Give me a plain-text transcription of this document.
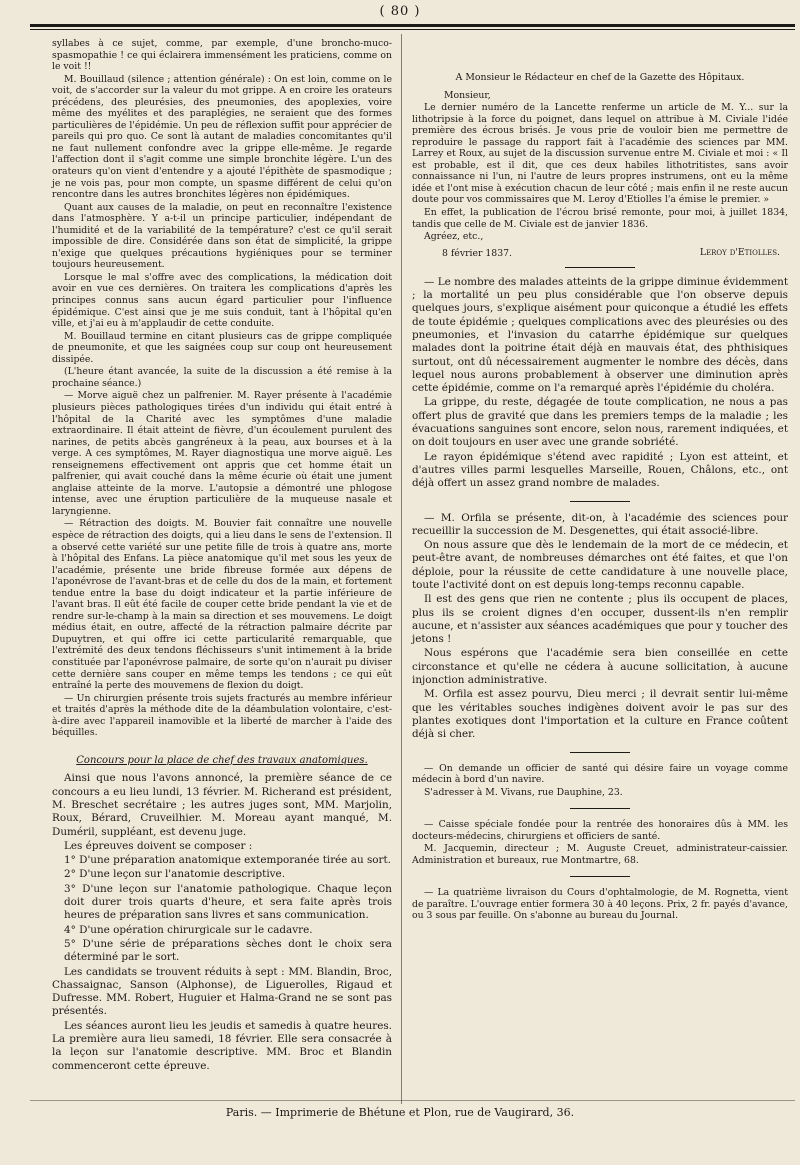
( 80 )

syllabes à ce sujet, comme, par exemple, d'une broncho-muco-spasmopathie ! ce qui éclairera immensément les praticiens, comme on le voit !!

M. Bouillaud (silence ; attention générale) : On est loin, comme on le voit, de s'accorder sur la valeur du mot grippe. A en croire les orateurs précédens, des pleurésies, des pneumonies, des apoplexies, voire même des myélites et des paraplégies, ne seraient que des formes particulières de l'épidémie. Un peu de réflexion suffit pour apprécier de pareils qui pro quo. Ce sont là autant de maladies concomitantes qu'il ne faut nullement confondre avec la grippe elle-même. Je regarde l'affection dont il s'agit comme une simple bronchite légère. L'un des orateurs qu'on vient d'entendre y a ajouté l'épithète de spasmodique ; je ne vois pas, pour mon compte, un spasme différent de celui qu'on rencontre dans les autres bronchites légères non épidémiques.

Quant aux causes de la maladie, on peut en reconnaître l'existence dans l'atmosphère. Y a-t-il un principe particulier, indépendant de l'humidité et de la variabilité de la température? c'est ce qu'il serait impossible de dire. Considérée dans son état de simplicité, la grippe n'exige que quelques précautions hygiéniques pour se terminer toujours heureusement.

Lorsque le mal s'offre avec des complications, la médication doit avoir en vue ces dernières. On traitera les complications d'après les principes connus sans aucun égard particulier pour l'influence épidémique. C'est ainsi que je me suis conduit, tant à l'hôpital qu'en ville, et j'ai eu à m'applaudir de cette conduite.

M. Bouillaud termine en citant plusieurs cas de grippe compliquée de pneumonite, et que les saignées coup sur coup ont heureusement dissipée.

(L'heure étant avancée, la suite de la discussion a été remise à la prochaine séance.)

— Morve aiguë chez un palfrenier. M. Rayer présente à l'académie plusieurs pièces pathologiques tirées d'un individu qui était entré à l'hôpital de la Charité avec les symptômes d'une maladie extraordinaire. Il était atteint de fièvre, d'un écoulement purulent des narines, de petits abcès gangréneux à la peau, aux bourses et à la verge. A ces symptômes, M. Rayer diagnostiqua une morve aiguë. Les renseignemens effectivement ont appris que cet homme était un palfrenier, qui avait couché dans la même écurie où était une jument anglaise atteinte de la morve. L'autopsie a démontré une phlogose intense, avec une éruption particulière de la muqueuse nasale et laryngienne.

— Rétraction des doigts. M. Bouvier fait connaître une nouvelle espèce de rétraction des doigts, qui a lieu dans le sens de l'extension. Il a observé cette variété sur une petite fille de trois à quatre ans, morte à l'hôpital des Enfans. La pièce anatomique qu'il met sous les yeux de l'académie, présente une bride fibreuse formée aux dépens de l'aponévrose de l'avant-bras et de celle du dos de la main, et fortement tendue entre la base du doigt indicateur et la partie inférieure de l'avant bras. Il eût été facile de couper cette bride pendant la vie et de rendre sur-le-champ à la main sa direction et ses mouvemens. Le doigt médius était, en outre, affecté de la rétraction palmaire décrite par Dupuytren, et qui offre ici cette particularité remarquable, que l'extrémité des deux tendons fléchisseurs s'unit intimement à la bride constituée par l'aponévrose palmaire, de sorte qu'on n'aurait pu diviser cette dernière sans couper en même temps les tendons ; ce qui eût entraîné la perte des mouvemens de flexion du doigt.

— Un chirurgien présente trois sujets fracturés au membre inférieur et traités d'après la méthode dite de la déambulation volontaire, c'est-à-dire avec l'appareil inamovible et la liberté de marcher à l'aide des béquilles.

Concours pour la place de chef des travaux anatomiques.

Ainsi que nous l'avons annoncé, la première séance de ce concours a eu lieu lundi, 13 février. M. Richerand est président, M. Breschet secrétaire ; les autres juges sont, MM. Marjolin, Roux, Bérard, Cruveilhier. M. Moreau ayant manqué, M. Duméril, suppléant, est devenu juge.

Les épreuves doivent se composer :

1° D'une préparation anatomique extemporanée tirée au sort.

2° D'une leçon sur l'anatomie descriptive.

3° D'une leçon sur l'anatomie pathologique. Chaque leçon doit durer trois quarts d'heure, et sera faite après trois heures de préparation sans livres et sans communication.

4° D'une opération chirurgicale sur le cadavre.

5° D'une série de préparations sèches dont le choix sera déterminé par le sort.

Les candidats se trouvent réduits à sept : MM. Blandin, Broc, Chassaignac, Sanson (Alphonse), de Liguerolles, Rigaud et Dufresse. MM. Robert, Huguier et Halma-Grand ne se sont pas présentés.

Les séances auront lieu les jeudis et samedis à quatre heures. La première aura lieu samedi, 18 février. Elle sera consacrée à la leçon sur l'anatomie descriptive. MM. Broc et Blandin commenceront cette épreuve.

A Monsieur le Rédacteur en chef de la Gazette des Hôpitaux.

Monsieur,

Le dernier numéro de la Lancette renferme un article de M. Y... sur la lithotripsie à la force du poignet, dans lequel on attribue à M. Civiale l'idée première des écrous brisés. Je vous prie de vouloir bien me permettre de reproduire le passage du rapport fait à l'académie des sciences par MM. Larrey et Roux, au sujet de la discussion survenue entre M. Civiale et moi : « Il est probable, est il dit, que ces deux habiles lithotritistes, sans avoir connaissance ni l'un, ni l'autre de leurs propres instrumens, ont eu la même idée et l'ont mise à exécution chacun de leur côté ; mais enfin il ne reste aucun doute pour vos commissaires que M. Leroy d'Etiolles l'a émise le premier. »

En effet, la publication de l'écrou brisé remonte, pour moi, à juillet 1834, tandis que celle de M. Civiale est de janvier 1836.

Agréez, etc.,

Leroy d'Etiolles.
8 février 1837.

— Le nombre des malades atteints de la grippe diminue évidemment ; la mortalité un peu plus considérable que l'on observe depuis quelques jours, s'explique aisément pour quiconque a étudié les effets de toute épidémie ; quelques complications avec des pleurésies ou des pneumonies, et l'invasion du catarrhe épidémique sur quelques malades dont la poitrine était déjà en mauvais état, des phthisiques surtout, ont dû nécessairement augmenter le nombre des décès, dans lequel nous aurons probablement à observer une diminution après cette épidémie, comme on l'a remarqué après l'épidémie du choléra.

La grippe, du reste, dégagée de toute complication, ne nous a pas offert plus de gravité que dans les premiers temps de la maladie ; les évacuations sanguines sont encore, selon nous, rarement indiquées, et on doit toujours en user avec une grande sobriété.

Le rayon épidémique s'étend avec rapidité ; Lyon est atteint, et d'autres villes parmi lesquelles Marseille, Rouen, Châlons, etc., ont déjà offert un assez grand nombre de malades.

— M. Orfila se présente, dit-on, à l'académie des sciences pour recueillir la succession de M. Desgenettes, qui était associé-libre.

On nous assure que dès le lendemain de la mort de ce médecin, et peut-être avant, de nombreuses démarches ont été faites, et que l'on déploie, pour la réussite de cette candidature à une nouvelle place, toute l'activité dont on est depuis long-temps reconnu capable.

Il est des gens que rien ne contente ; plus ils occupent de places, plus ils se croient dignes d'en occuper, dussent-ils n'en remplir aucune, et n'assister aux séances académiques que pour y toucher des jetons !

Nous espérons que l'académie sera bien conseillée en cette circonstance et qu'elle ne cédera à aucune sollicitation, à aucune injonction administrative.

M. Orfila est assez pourvu, Dieu merci ; il devrait sentir lui-même que les véritables souches indigènes doivent avoir le pas sur des plantes exotiques dont l'importation et la culture en France coûtent déjà si cher.

— On demande un officier de santé qui désire faire un voyage comme médecin à bord d'un navire.

S'adresser à M. Vivans, rue Dauphine, 23.

— Caisse spéciale fondée pour la rentrée des honoraires dûs à MM. les docteurs-médecins, chirurgiens et officiers de santé.

M. Jacquemin, directeur ; M. Auguste Creuet, administrateur-caissier. Administration et bureaux, rue Montmartre, 68.

— La quatrième livraison du Cours d'ophtalmologie, de M. Rognetta, vient de paraître. L'ouvrage entier formera 30 à 40 leçons. Prix, 2 fr. payés d'avance, ou 3 sous par feuille. On s'abonne au bureau du Journal.

Paris. — Imprimerie de Bhétune et Plon, rue de Vaugirard, 36.
